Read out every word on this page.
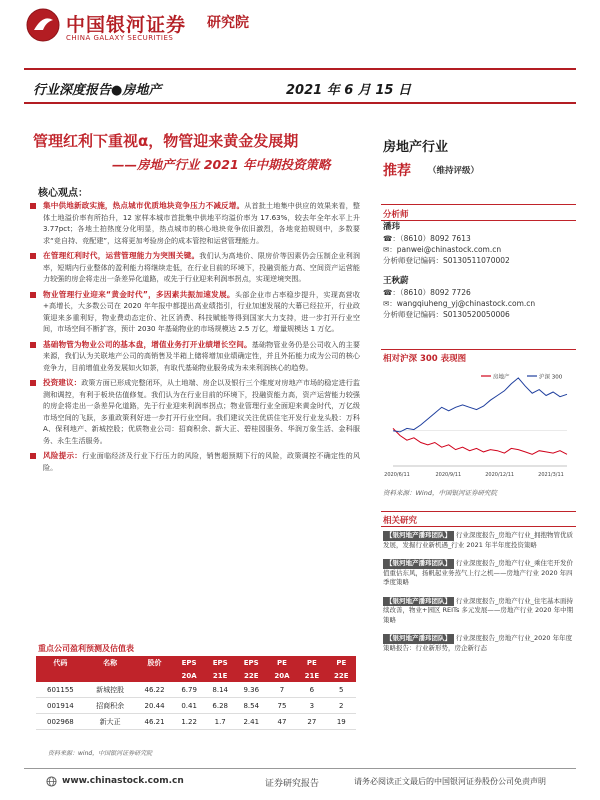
中国银河证券
CHINA GALAXY SECURITIES
研究院
行业深度报告●房地产	2021 年 6 月 15 日
管理红利下重视α，物管迎来黄金发展期
——房地产行业 2021 年中期投资策略
核心观点：
集中供地新政实施，热点城市优质地块竞争压力不减反增。从首批土地集中供应的效果来看，整体土地溢价率有所抬升，12 家样本城市首批集中供地平均溢价率为 17.63%，较去年全年水平上升 3.77pct；各地土拍热度分化明显，热点城市的核心地块竞争依旧激烈，各地竞拍规则中，多数要求“竞自持、竞配建”，这将更加考验房企的成本管控和运营管理能力。
在管理红利时代，运营管理能力为突围关键。我们认为高地价、限房价等因素仍会压制企业利润率，短期内行业整体的盈利能力将继续走低，在行业目前的环境下，投融资能力高、空间资产运营能力较强的房企将走出一条差异化道路，或先于行业迎来利润率拐点，实现逆境突围。
物业管理行业迎来“黄金时代”，多因素共振加速发展。头部企业市占率稳步提升，实现高营收+高增长，大多数公司在 2020 年年报中都提出高业绩指引，行业加速发展的大幕已经拉开，行业政策迎来多重利好，物业费动态定价、社区消费、科技赋能等得到国家大力支持，进一步打开行业空间，市场空间不断扩容，预计 2030 年基础物业的市场规模达 2.5 万亿，增量规模达 1 万亿。
基础物管为物业公司的基本盘，增值业务打开业绩增长空间。基础物管业务仍是公司收入的主要来源，我们认为关联地产公司的高销售及半箱上储将增加业绩确定性，并且外拓能力成为公司的核心竞争力，目前增值业务发展如火如荼，有取代基础物业服务成为未来利润核心的趋势。
投资建议：政策方面已形成完整闭环，从土地端、房企以及银行三个维度对房地产市场的稳定进行监测和调控，有利于板块估值修复。我们认为在行业目前的环境下，投融资能力高，资产运营能力较强的房企将走出一条差异化道路，先于行业迎来利润率拐点；物业管理行业全面迎来黄金时代，万亿级市场空间的飞跃，多重政策利好进一步打开行业空间。我们建议关注优质住宅开发行业龙头股：万科 A、保利地产、新城控股；优质物业公司：招商积余、新大正、碧桂园服务、华润万象生活、金科服务、永生生活服务。
风险提示：行业面临经济及行业下行压力的风险，销售超预期下行的风险，政策调控不确定性的风险。
房地产行业
推荐 （维持评级）
分析师
潘玮
☎：（8610）8092 7613
✉：panwei@chinastock.com.cn
分析师登记编码：S0130511070002
王秋蔚
☎：（8610）8092 7726
✉：wangqiuheng_yj@chinastock.com.cn
分析师登记编码：S0130520050006
相对沪深 300 表现图
房地产	沪深 300
2020/6/11	2020/9/11	2020/12/11	2021/3/11
资料来源：Wind，中国银河证券研究院
相关研究
【银河地产潘玮团队】 行业深度报告_房地产行业_拥抱物管优质发展，发掘行业新机遇_行业 2021 年半年度投资策略
【银河地产潘玮团队】 行业深度报告_房地产行业_乘住宅开发价值重估东风，扬帆起业务蒸气上行之机——房地产行业 2020 年四季度策略
【银河地产潘玮团队】 行业深度报告_房地产行业_住宅基本面持续改善，物业+园区 REITs 多元发展——房地产行业 2020 年中期策略
【银河地产潘玮团队】 行业深度报告_房地产行业_2020 年年度策略报告：行业新形势，房企新行态
重点公司盈利预测及估值表
代码	名称	股价	EPS	EPS	EPS	PE	PE	PE
			20A	21E	22E	20A	21E	22E
601155	新城控股	46.22	6.79	8.14	9.36	7	6	5
001914	招商积余	20.44	0.41	6.28	8.54	75	3	2
002968	新大正	46.21	1.22	1.7	2.41	47	27	19
资料来源：wind，中国银河证券研究院
www.chinastock.com.cn	证券研究报告	请务必阅读正文最后的中国银河证券股份公司免责声明
